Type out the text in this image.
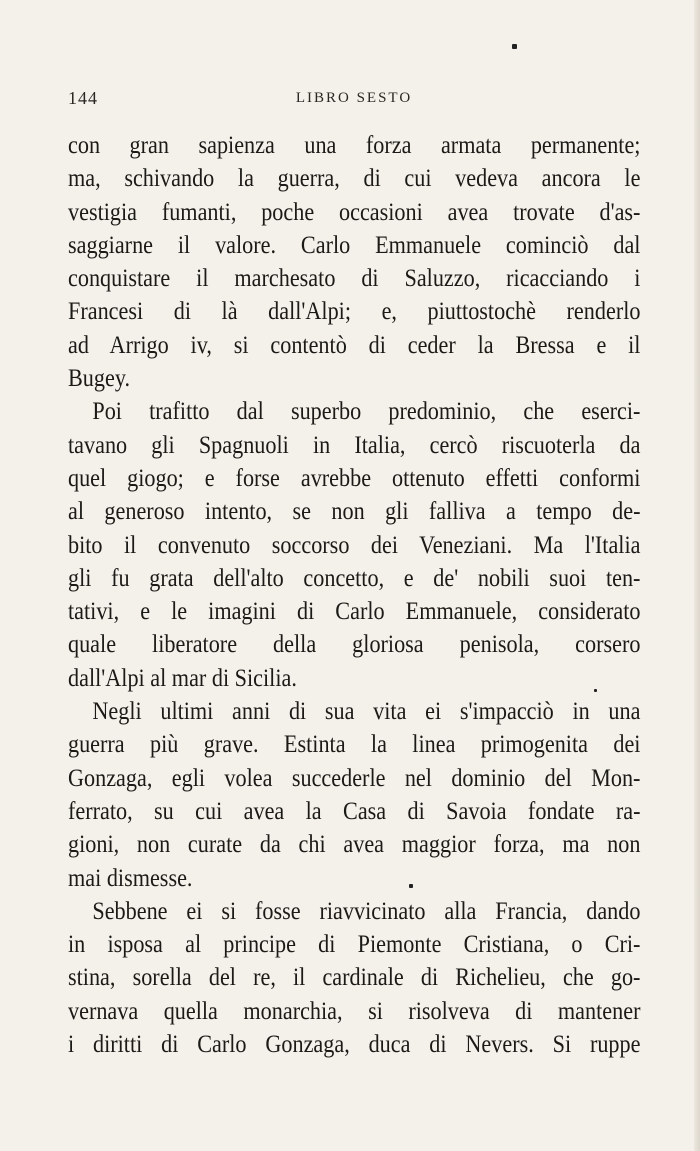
144	LIBRO SESTO
con gran sapienza una forza armata permanente;
ma, schivando la guerra, di cui vedeva ancora le
vestigia fumanti, poche occasioni avea trovate d'as-
saggiarne il valore. Carlo Emmanuele cominciò dal
conquistare il marchesato di Saluzzo, ricacciando i
Francesi di là dall'Alpi; e, piuttostochè renderlo
ad Arrigo iv, si contentò di ceder la Bressa e il
Bugey.
Poi trafitto dal superbo predominio, che eserci-
tavano gli Spagnuoli in Italia, cercò riscuoterla da
quel giogo; e forse avrebbe ottenuto effetti conformi
al generoso intento, se non gli falliva a tempo de-
bito il convenuto soccorso dei Veneziani. Ma l'Italia
gli fu grata dell'alto concetto, e de' nobili suoi ten-
tativi, e le imagini di Carlo Emmanuele, considerato
quale liberatore della gloriosa penisola, corsero
dall'Alpi al mar di Sicilia.
Negli ultimi anni di sua vita ei s'impacciò in una
guerra più grave. Estinta la linea primogenita dei
Gonzaga, egli volea succederle nel dominio del Mon-
ferrato, su cui avea la Casa di Savoia fondate ra-
gioni, non curate da chi avea maggior forza, ma non
mai dismesse.
Sebbene ei si fosse riavvicinato alla Francia, dando
in isposa al principe di Piemonte Cristiana, o Cri-
stina, sorella del re, il cardinale di Richelieu, che go-
vernava quella monarchia, si risolveva di mantener
i diritti di Carlo Gonzaga, duca di Nevers. Si ruppe
